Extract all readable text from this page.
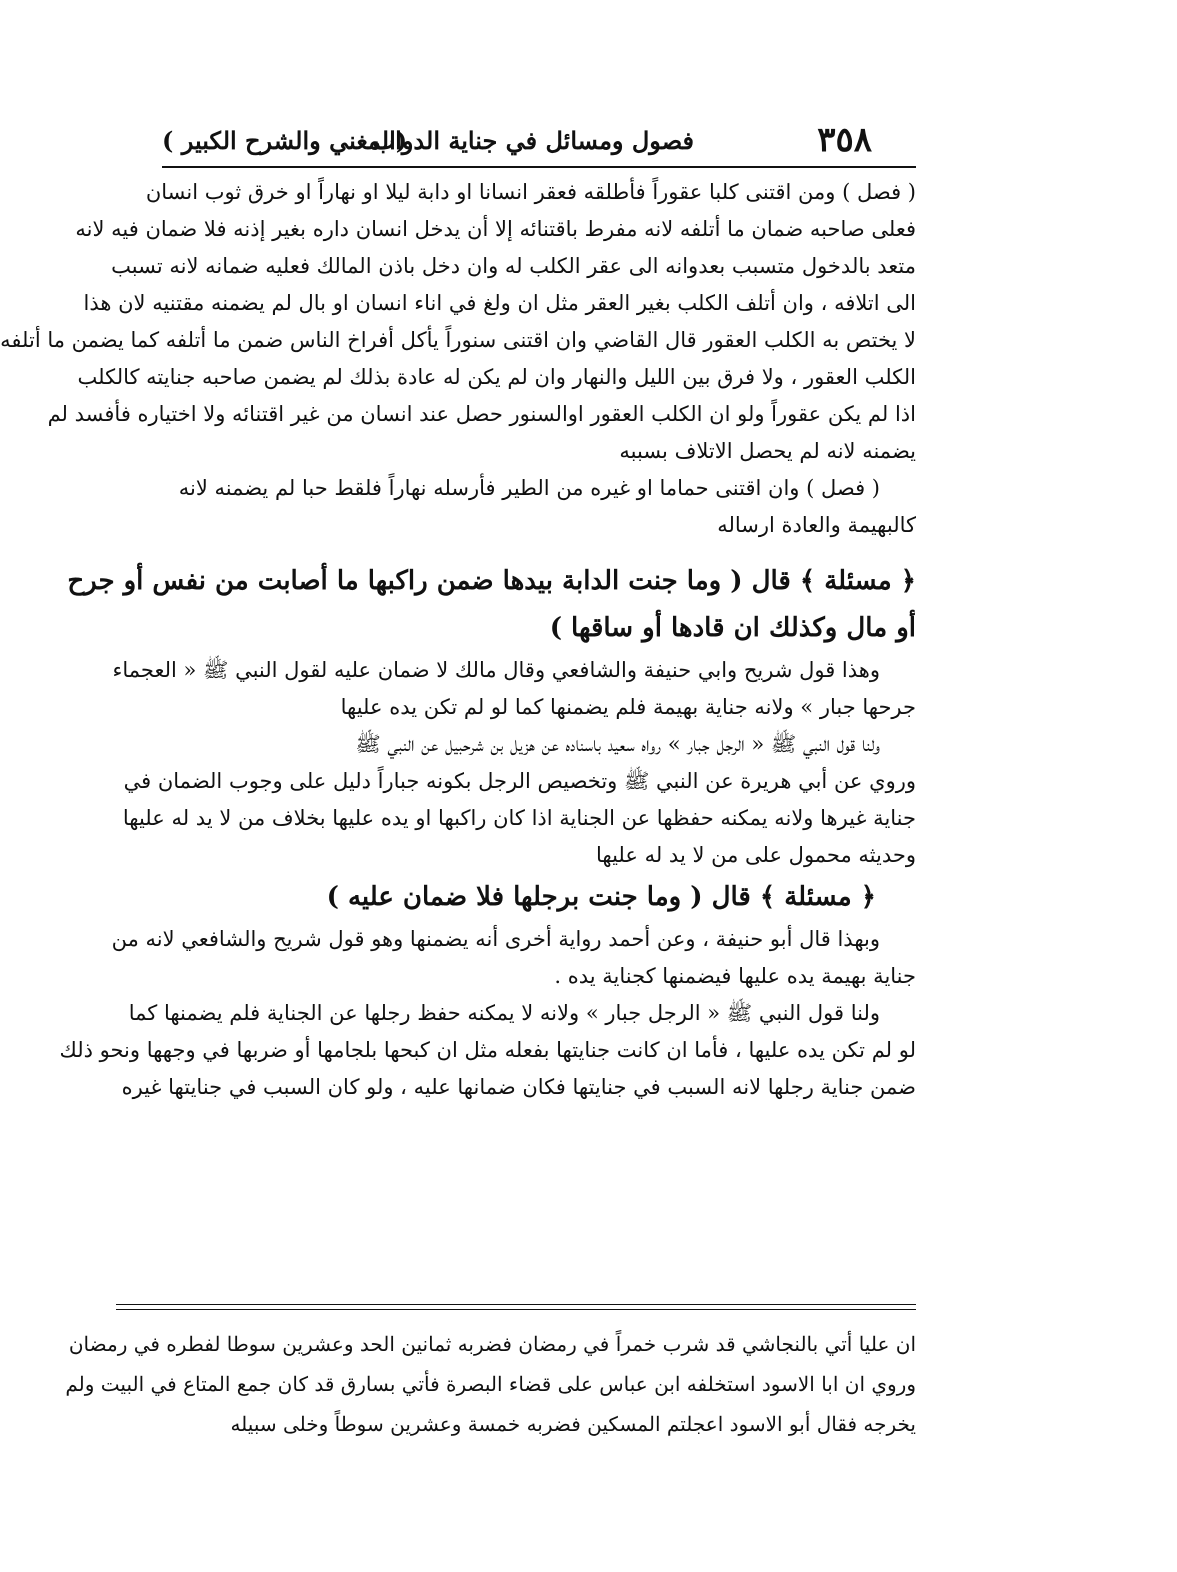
٣٥٨
فصول ومسائل في جناية الدواب
(المغني والشرح الكبير )
( فصل ) ومن اقتنى كلبا عقوراً فأطلقه فعقر انسانا او دابة ليلا او نهاراً او خرق ثوب انسان
فعلى صاحبه ضمان ما أتلفه لانه مفرط باقتنائه إلا أن يدخل انسان داره بغير إذنه فلا ضمان فيه لانه
متعد بالدخول متسبب بعدوانه الى عقر الكلب له وان دخل باذن المالك فعليه ضمانه لانه تسبب
الى اتلافه ، وان أتلف الكلب بغير العقر مثل ان ولغ في اناء انسان او بال لم يضمنه مقتنيه لان هذا
لا يختص به الكلب العقور قال القاضي وان اقتنى سنوراً يأكل أفراخ الناس ضمن ما أتلفه كما يضمن ما أتلفه
الكلب العقور ، ولا فرق بين الليل والنهار وان لم يكن له عادة بذلك لم يضمن صاحبه جنايته كالكلب
اذا لم يكن عقوراً ولو ان الكلب العقور اوالسنور حصل عند انسان من غير اقتنائه ولا اختياره فأفسد لم
يضمنه لانه لم يحصل الاتلاف بسببه
( فصل ) وان اقتنى حماما او غيره من الطير فأرسله نهاراً فلقط حبا لم يضمنه لانه
كالبهيمة والعادة ارساله
﴿ مسئلة ﴾ قال ( وما جنت الدابة بيدها ضمن راكبها ما أصابت من نفس أو جرح
أو مال وكذلك ان قادها أو ساقها )
وهذا قول شريح وابي حنيفة والشافعي وقال مالك لا ضمان عليه لقول النبي ﷺ « العجماء
جرحها جبار » ولانه جناية بهيمة فلم يضمنها كما لو لم تكن يده عليها
ولنا قول النبي ﷺ « الرجل جبار » رواه سعيد باسناده عن هزيل بن شرحبيل عن النبي ﷺ
وروي عن أبي هريرة عن النبي ﷺ وتخصيص الرجل بكونه جباراً دليل على وجوب الضمان في
جناية غيرها ولانه يمكنه حفظها عن الجناية اذا كان راكبها او يده عليها بخلاف من لا يد له عليها
وحديثه محمول على من لا يد له عليها
﴿ مسئلة ﴾ قال ( وما جنت برجلها فلا ضمان عليه )
وبهذا قال أبو حنيفة ، وعن أحمد رواية أخرى أنه يضمنها وهو قول شريح والشافعي لانه من
جناية بهيمة يده عليها فيضمنها كجناية يده .
ولنا قول النبي ﷺ « الرجل جبار » ولانه لا يمكنه حفظ رجلها عن الجناية فلم يضمنها كما
لو لم تكن يده عليها ، فأما ان كانت جنايتها بفعله مثل ان كبحها بلجامها أو ضربها في وجهها ونحو ذلك
ضمن جناية رجلها لانه السبب في جنايتها فكان ضمانها عليه ، ولو كان السبب في جنايتها غيره
ان عليا أتي بالنجاشي قد شرب خمراً في رمضان فضربه ثمانين الحد وعشرين سوطا لفطره في رمضان
وروي ان ابا الاسود استخلفه ابن عباس على قضاء البصرة فأتي بسارق قد كان جمع المتاع في البيت ولم
يخرجه فقال أبو الاسود اعجلتم المسكين فضربه خمسة وعشرين سوطاً وخلى سبيله
